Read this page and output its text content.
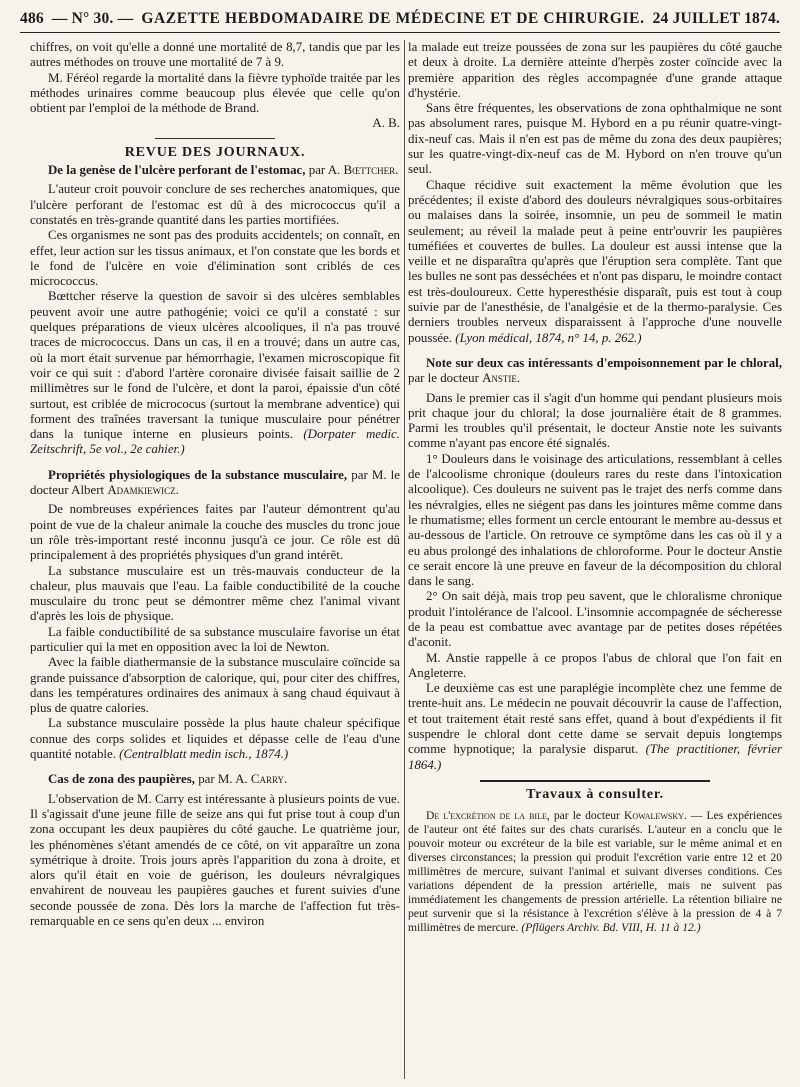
486 — N° 30. — GAZETTE HEBDOMADAIRE DE MÉDECINE ET DE CHIRURGIE. 24 JUILLET 1874.

chiffres, on voit qu'elle a donné une mortalité de 8,7, tandis que par les autres méthodes on trouve une mortalité de 7 à 9.

M. Féréol regarde la mortalité dans la fièvre typhoïde traitée par les méthodes urinaires comme beaucoup plus élevée que celle qu'on obtient par l'emploi de la méthode de Brand.

A. B.

REVUE DES JOURNAUX.

De la genèse de l'ulcère perforant de l'estomac, par A. Bœttcher.

L'auteur croit pouvoir conclure de ses recherches anatomiques, que l'ulcère perforant de l'estomac est dû à des micrococcus qu'il a constatés en très-grande quantité dans les parties mortifiées.

Ces organismes ne sont pas des produits accidentels; on connaît, en effet, leur action sur les tissus animaux, et l'on constate que les bords et le fond de l'ulcère en voie d'élimination sont criblés de ces micrococcus.

Bœttcher réserve la question de savoir si des ulcères semblables peuvent avoir une autre pathogénie; voici ce qu'il a constaté : sur quelques préparations de vieux ulcères alcooliques, il n'a pas trouvé traces de micrococcus. Dans un cas, il en a trouvé; dans un autre cas, où la mort était survenue par hémorrhagie, l'examen microscopique fit voir ce qui suit : d'abord l'artère coronaire divisée faisait saillie de 2 millimètres sur le fond de l'ulcère, et dont la paroi, épaissie d'un côté surtout, est criblée de micrococus (surtout la membrane adventice) qui forment des traînées traversant la tunique musculaire pour pénétrer dans la tunique interne en plusieurs points. (Dorpater medic. Zeitschrift, 5e vol., 2e cahier.)

Propriétés physiologiques de la substance musculaire, par M. le docteur Albert Adamkiewicz.

De nombreuses expériences faites par l'auteur démontrent qu'au point de vue de la chaleur animale la couche des muscles du tronc joue un rôle très-important resté inconnu jusqu'à ce jour. Ce rôle est dû principalement à des propriétés physiques d'un grand intérêt.

La substance musculaire est un très-mauvais conducteur de la chaleur, plus mauvais que l'eau. La faible conductibilité de la couche musculaire du tronc peut se démontrer même chez l'animal vivant d'après les lois de physique.

La faible conductibilité de sa substance musculaire favorise un état particulier qui la met en opposition avec la loi de Newton.

Avec la faible diathermansie de la substance musculaire coïncide sa grande puissance d'absorption de calorique, qui, pour citer des chiffres, dans les températures ordinaires des animaux à sang chaud équivaut à plus de quatre calories.

La substance musculaire possède la plus haute chaleur spécifique connue des corps solides et liquides et dépasse celle de l'eau d'une quantité notable. (Centralblatt medin isch., 1874.)

Cas de zona des paupières, par M. A. Carry.

L'observation de M. Carry est intéressante à plusieurs points de vue. Il s'agissait d'une jeune fille de seize ans qui fut prise tout à coup d'un zona occupant les deux paupières du côté gauche. Le quatrième jour, les phénomènes s'étant amendés de ce côté, on vit apparaître un zona symétrique à droite. Trois jours après l'apparition du zona à droite, et alors qu'il était en voie de guérison, les douleurs névralgiques envahirent de nouveau les paupières gauches et furent suivies d'une seconde poussée de zona. Dès lors la marche de l'affection fut très-remarquable en ce sens qu'en deux ... environ

la malade eut treize poussées de zona sur les paupières du côté gauche et deux à droite. La dernière atteinte d'herpès zoster coïncide avec la première apparition des règles accompagnée d'une grande attaque d'hystérie.

Sans être fréquentes, les observations de zona ophthalmique ne sont pas absolument rares, puisque M. Hybord en a pu réunir quatre-vingt-dix-neuf cas. Mais il n'en est pas de même du zona des deux paupières; sur les quatre-vingt-dix-neuf cas de M. Hybord on n'en trouve qu'un seul.

Chaque récidive suit exactement la même évolution que les précédentes; il existe d'abord des douleurs névralgiques sous-orbitaires ou malaises dans la soirée, insomnie, un peu de sommeil le matin seulement; au réveil la malade peut à peine entr'ouvrir les paupières tuméfiées et couvertes de bulles. La douleur est aussi intense que la veille et ne disparaîtra qu'après que l'éruption sera complète. Tant que les bulles ne sont pas desséchées et n'ont pas disparu, le moindre contact est très-douloureux. Cette hyperesthésie disparaît, puis est tout à coup suivie par de l'anesthésie, de l'analgésie et de la thermo-paralysie. Ces derniers troubles nerveux disparaissent à l'approche d'une nouvelle poussée. (Lyon médical, 1874, n° 14, p. 262.)

Note sur deux cas intéressants d'empoisonnement par le chloral, par le docteur Anstie.

Dans le premier cas il s'agit d'un homme qui pendant plusieurs mois prit chaque jour du chloral; la dose journalière était de 8 grammes. Parmi les troubles qu'il présentait, le docteur Anstie note les suivants comme n'ayant pas encore été signalés.

1° Douleurs dans le voisinage des articulations, ressemblant à celles de l'alcoolisme chronique (douleurs rares du reste dans l'intoxication alcoolique). Ces douleurs ne suivent pas le trajet des nerfs comme dans les névralgies, elles ne siégent pas dans les jointures même comme dans le rhumatisme; elles forment un cercle entourant le membre au-dessus et au-dessous de l'article. On retrouve ce symptôme dans les cas où il y a eu abus prolongé des inhalations de chloroforme. Pour le docteur Anstie ce serait encore là une preuve en faveur de la décomposition du chloral dans le sang.

2° On sait déjà, mais trop peu savent, que le chloralisme chronique produit l'intolérance de l'alcool. L'insomnie accompagnée de sécheresse de la peau est combattue avec avantage par de petites doses répétées d'aconit.

M. Anstie rappelle à ce propos l'abus de chloral que l'on fait en Angleterre.

Le deuxième cas est une paraplégie incomplète chez une femme de trente-huit ans. Le médecin ne pouvait découvrir la cause de l'affection, et tout traitement était resté sans effet, quand à bout d'expédients il fit suspendre le chloral dont cette dame se servait depuis longtemps comme hypnotique; la paralysie disparut. (The practitioner, février 1864.)

Travaux à consulter.

De l'excrétion de la bile, par le docteur Kowalewsky. — Les expériences de l'auteur ont été faites sur des chats curarisés. L'auteur en a conclu que le pouvoir moteur ou excréteur de la bile est variable, sur le même animal et en diverses circonstances; la pression qui produit l'excrétion varie entre 12 et 20 millimètres de mercure, suivant l'animal et suivant diverses conditions. Ces variations dépendent de la pression artérielle, mais ne suivent pas immédiatement les changements de pression artérielle. La rétention biliaire ne peut survenir que si la résistance à l'excrétion s'élève à la pression de 4 à 7 millimètres de mercure. (Pflügers Archiv. Bd. VIII, H. 11 à 12.)
